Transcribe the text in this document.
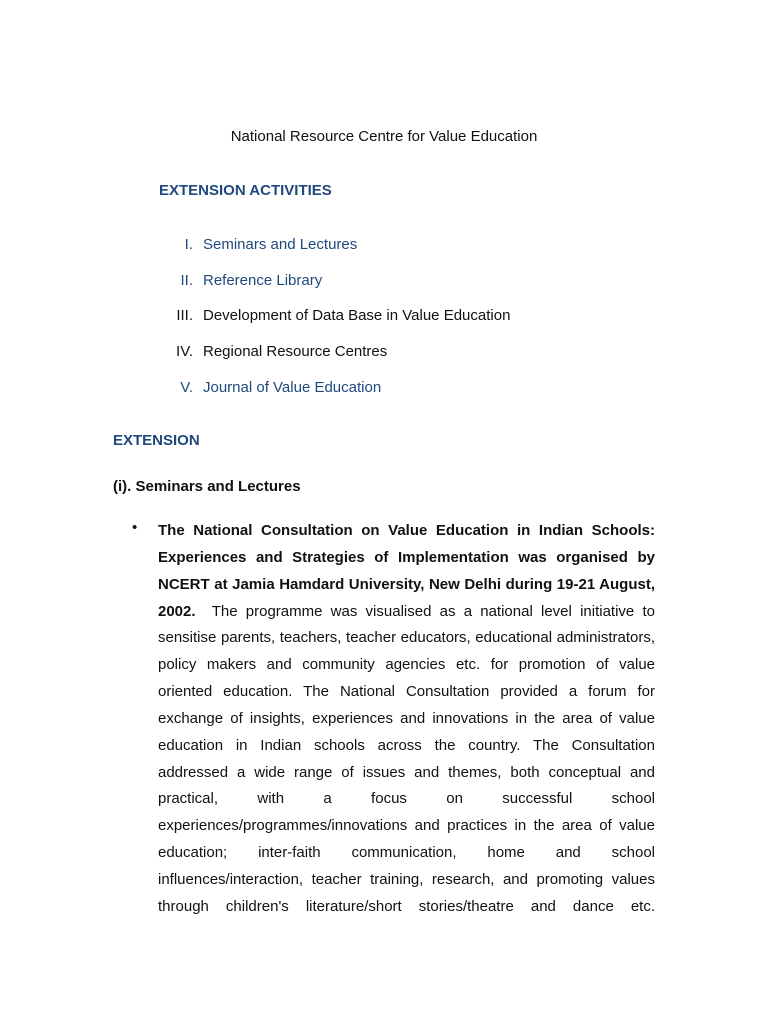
National Resource Centre for Value Education
EXTENSION ACTIVITIES
I. Seminars and Lectures
II. Reference Library
III. Development of Data Base in Value Education
IV. Regional Resource Centres
V. Journal of Value Education
EXTENSION
(i). Seminars and Lectures
• The National Consultation on Value Education in Indian Schools: Experiences and Strategies of Implementation was organised by NCERT at Jamia Hamdard University, New Delhi during 19-21 August, 2002. The programme was visualised as a national level initiative to sensitise parents, teachers, teacher educators, educational administrators, policy makers and community agencies etc. for promotion of value oriented education. The National Consultation provided a forum for exchange of insights, experiences and innovations in the area of value education in Indian schools across the country. The Consultation addressed a wide range of issues and themes, both conceptual and practical, with a focus on successful school experiences/programmes/innovations and practices in the area of value education; inter-faith communication, home and school influences/interaction, teacher training, research, and promoting values through children's literature/short stories/theatre and dance etc.
